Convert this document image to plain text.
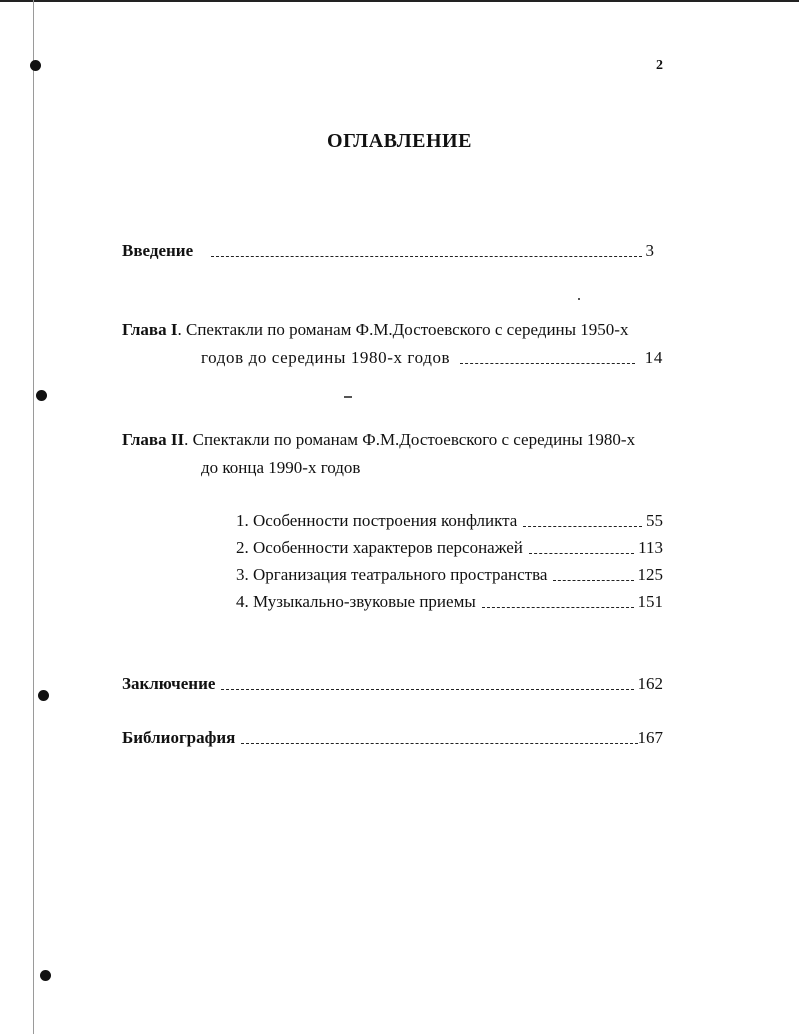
2
ОГЛАВЛЕНИЕ
Введение	3
Глава I . Спектакли по романам Ф.М.Достоевского с середины 1950-х
годов до середины 1980-х годов	14
Глава II . Спектакли по романам Ф.М.Достоевского с середины 1980-х
до конца 1990-х годов
1. Особенности построения конфликта	55
2. Особенности характеров персонажей	113
3. Организация театрального пространства	125
4. Музыкально-звуковые приемы	151
Заключение	162
Библиография	167
